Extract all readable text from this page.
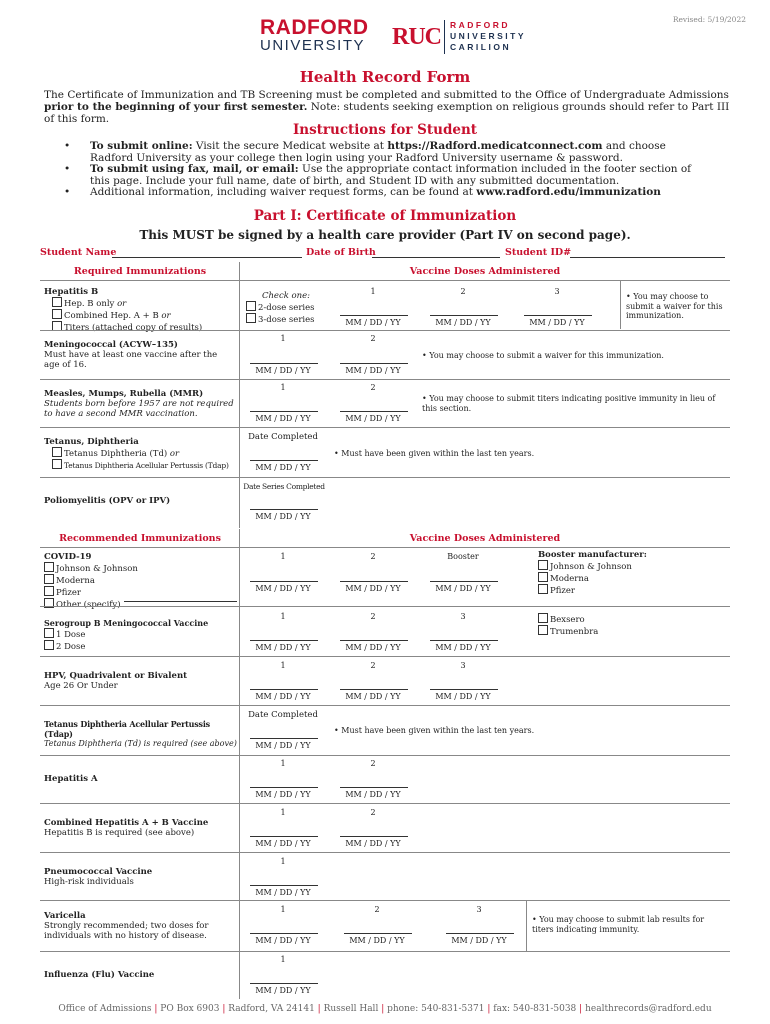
Revised: 5/19/2022
RADFORD
UNIVERSITY RUC RADFORD
UNIVERSITY
CARILION
Health Record Form
The Certificate of Immunization and TB Screening must be completed and submitted to the Office of Undergraduate Admissions prior to the beginning of your first semester. Note: students seeking exemption on religious grounds should refer to Part III of this form.
Instructions for Student
• To submit online: Visit the secure Medicat website at https://Radford.medicatconnect.com and choose Radford University as your college then login using your Radford University username & password.
• To submit using fax, mail, or email: Use the appropriate contact information included in the footer section of this page. Include your full name, date of birth, and Student ID with any submitted documentation.
• Additional information, including waiver request forms, can be found at www.radford.edu/immunization
Part I: Certificate of Immunization
This MUST be signed by a health care provider (Part IV on second page).
Student Name	Date of Birth	Student ID#
Required Immunizations	Vaccine Doses Administered
Hepatitis B
Hep. B only or
Combined Hep. A + B or
Titers (attached copy of results)
Check one:
2-dose series
3-dose series
1	2	3
MM / DD / YY	MM / DD / YY	MM / DD / YY
• You may choose to submit a waiver for this immunization.
Meningococcal (ACYW–135)
Must have at least one vaccine after the age of 16.
1	2
MM / DD / YY	MM / DD / YY
• You may choose to submit a waiver for this immunization.
Measles, Mumps, Rubella (MMR)
Students born before 1957 are not required to have a second MMR vaccination.
1	2
MM / DD / YY	MM / DD / YY
• You may choose to submit titers indicating positive immunity in lieu of this section.
Tetanus, Diphtheria
Tetanus Diphtheria (Td) or
Tetanus Diphtheria Acellular Pertussis (Tdap)
Date Completed
MM / DD / YY
• Must have been given within the last ten years.
Poliomyelitis (OPV or IPV)
Date Series Completed
MM / DD / YY
Recommended Immunizations	Vaccine Doses Administered
COVID-19
Johnson & Johnson
Moderna
Pfizer
Other (specify)
1	2	Booster
MM / DD / YY	MM / DD / YY	MM / DD / YY
Booster manufacturer:
Johnson & Johnson
Moderna
Pfizer
Serogroup B Meningococcal Vaccine
1 Dose
2 Dose
1	2	3
MM / DD / YY	MM / DD / YY	MM / DD / YY
Bexsero
Trumenbra
HPV, Quadrivalent or Bivalent
Age 26 Or Under
1	2	3
MM / DD / YY	MM / DD / YY	MM / DD / YY
Tetanus Diphtheria Acellular Pertussis (Tdap)
Tetanus Diphtheria (Td) is required (see above)
Date Completed
MM / DD / YY
• Must have been given within the last ten years.
Hepatitis A
1	2
MM / DD / YY	MM / DD / YY
Combined Hepatitis A + B Vaccine
Hepatitis B is required (see above)
1	2
MM / DD / YY	MM / DD / YY
Pneumococcal Vaccine
High-risk individuals
1
MM / DD / YY
Varicella
Strongly recommended; two doses for individuals with no history of disease.
1	2	3
MM / DD / YY	MM / DD / YY	MM / DD / YY
• You may choose to submit lab results for titers indicating immunity.
Influenza (Flu) Vaccine
1
MM / DD / YY
Office of Admissions | PO Box 6903 | Radford, VA 24141 | Russell Hall | phone: 540-831-5371 | fax: 540-831-5038 | healthrecords@radford.edu
